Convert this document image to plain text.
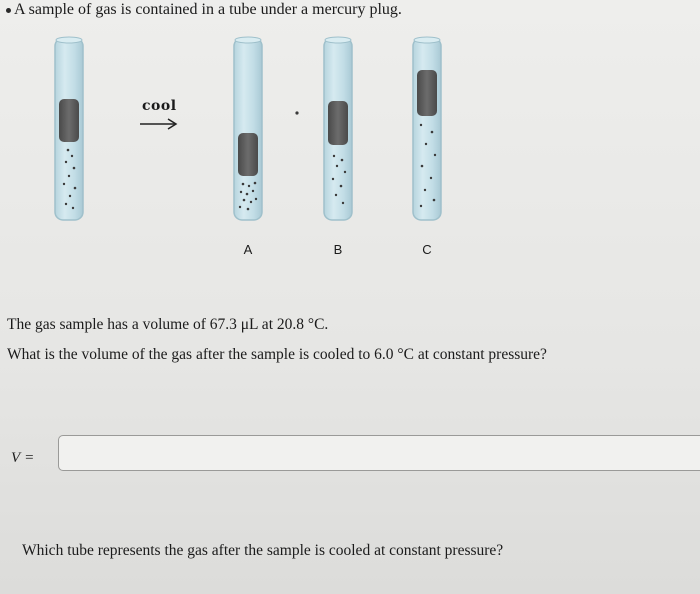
A sample of gas is contained in a tube under a mercury plug.
cool
A	B	C
The gas sample has a volume of 67.3 μL at 20.8 °C.
What is the volume of the gas after the sample is cooled to 6.0 °C at constant pressure?
V =
Which tube represents the gas after the sample is cooled at constant pressure?
